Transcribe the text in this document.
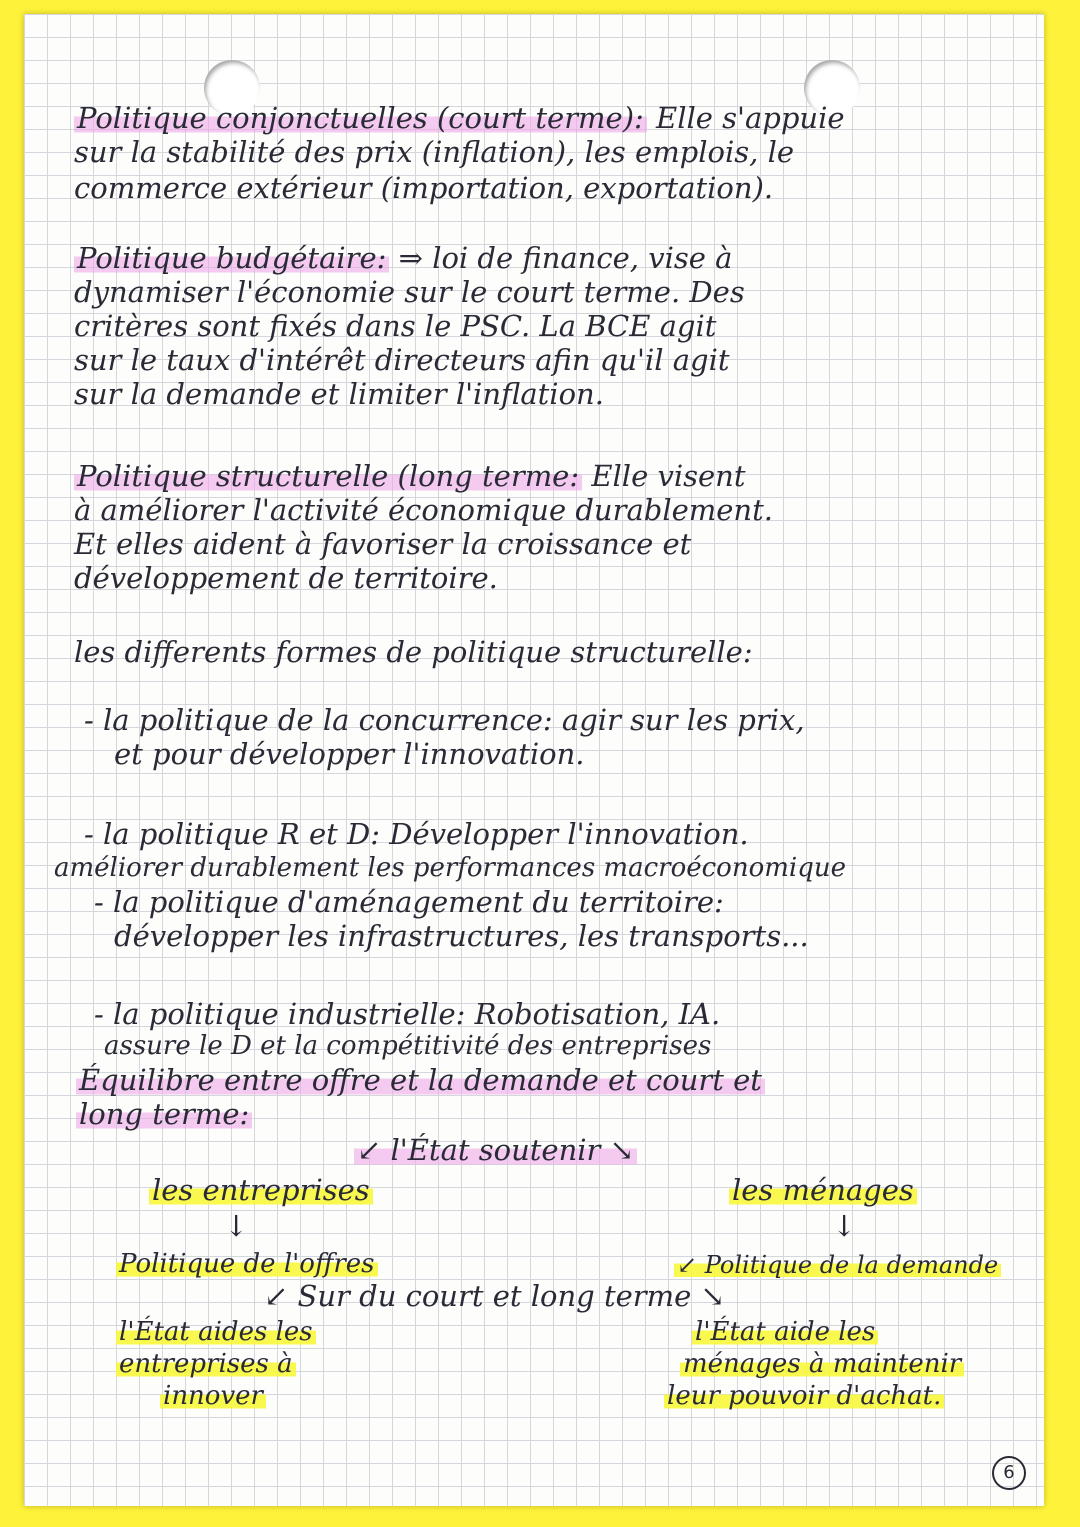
Politique conjonctuelles (court terme): Elle s'appuie
sur la stabilité des prix (inflation), les emplois, le
commerce extérieur (importation, exportation).
Politique budgétaire: ⇒ loi de finance, vise à
dynamiser l'économie sur le court terme. Des
critères sont fixés dans le PSC. La BCE agit
sur le taux d'intérêt directeurs afin qu'il agit
sur la demande et limiter l'inflation.
Politique structurelle (long terme: Elle visent
à améliorer l'activité économique durablement.
Et elles aident à favoriser la croissance et
développement de territoire.
les differents formes de politique structurelle:
- la politique de la concurrence: agir sur les prix,
et pour développer l'innovation.
- la politique R et D: Développer l'innovation.
améliorer durablement les performances macroéconomique
- la politique d'aménagement du territoire:
développer les infrastructures, les transports...
- la politique industrielle: Robotisation, IA.
assure le D et la compétitivité des entreprises
Équilibre entre offre et la demande et court et
long terme:
↙ l'État soutenir ↘
les entreprises	les ménages
↓	↓
Politique de l'offres	↙ Politique de la demande
↙ Sur du court et long terme ↘
l'État aides les
entreprises à
innover
l'État aide les
ménages à maintenir
leur pouvoir d'achat.
6
